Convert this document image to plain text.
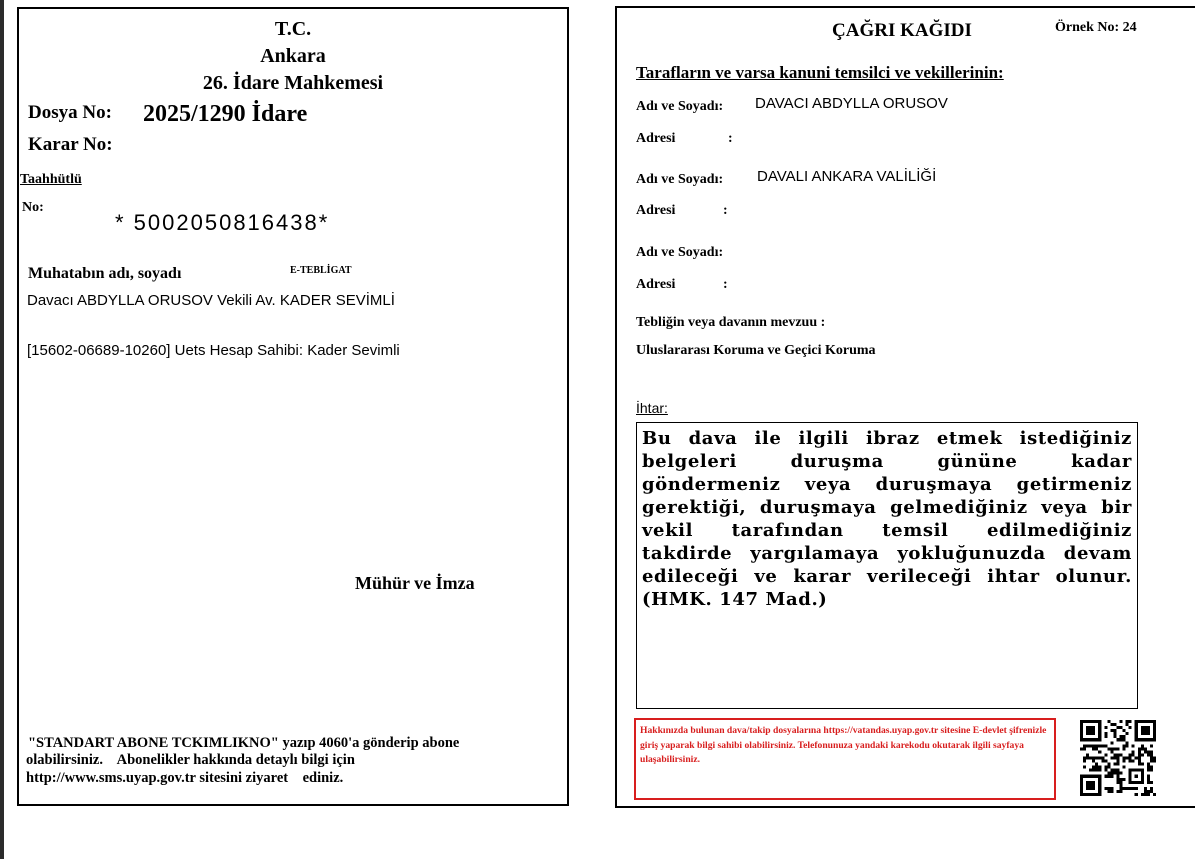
T.C.
Ankara
26. İdare Mahkemesi
Dosya No: 2025/1290 İdare
Karar No:
Taahhütlü
No:
* 5002050816438*
Muhatabın adı, soyadı	E-TEBLİGAT
Davacı ABDYLLA ORUSOV Vekili Av. KADER SEVİMLİ
[15602-06689-10260] Uets Hesap Sahibi: Kader Sevimli
Mühür ve İmza
"STANDART ABONE TCKIMLIKNO" yazıp 4060'a gönderip abone
olabilirsiniz.    Abonelikler hakkında detaylı bilgi için
http://www.sms.uyap.gov.tr sitesini ziyaret    ediniz.
ÇAĞRI KAĞIDI	Örnek No: 24
Tarafların ve varsa kanuni temsilci ve vekillerinin:
Adı ve Soyadı: DAVACI ABDYLLA ORUSOV
Adresi	:
Adı ve Soyadı: DAVALI ANKARA VALİLİĞİ
Adresi	:
Adı ve Soyadı:
Adresi	:
Tebliğin veya davanın mevzuu :
Uluslararası Koruma ve Geçici Koruma
İhtar:

Bu dava ile ilgili ibraz etmek istediğiniz belgeleri duruşma gününe kadar göndermeniz veya duruşmaya getirmeniz gerektiği, duruşmaya gelmediğiniz veya bir vekil tarafından temsil edilmediğiniz takdirde yargılamaya yokluğunuzda devam edileceği ve karar verileceği ihtar olunur. (HMK. 147 Mad.)

Hakkınızda bulunan dava/takip dosyalarına https://vatandas.uyap.gov.tr sitesine E-devlet şifrenizle giriş yaparak bilgi sahibi olabilirsiniz. Telefonunuza yandaki karekodu okutarak ilgili sayfaya ulaşabilirsiniz.
